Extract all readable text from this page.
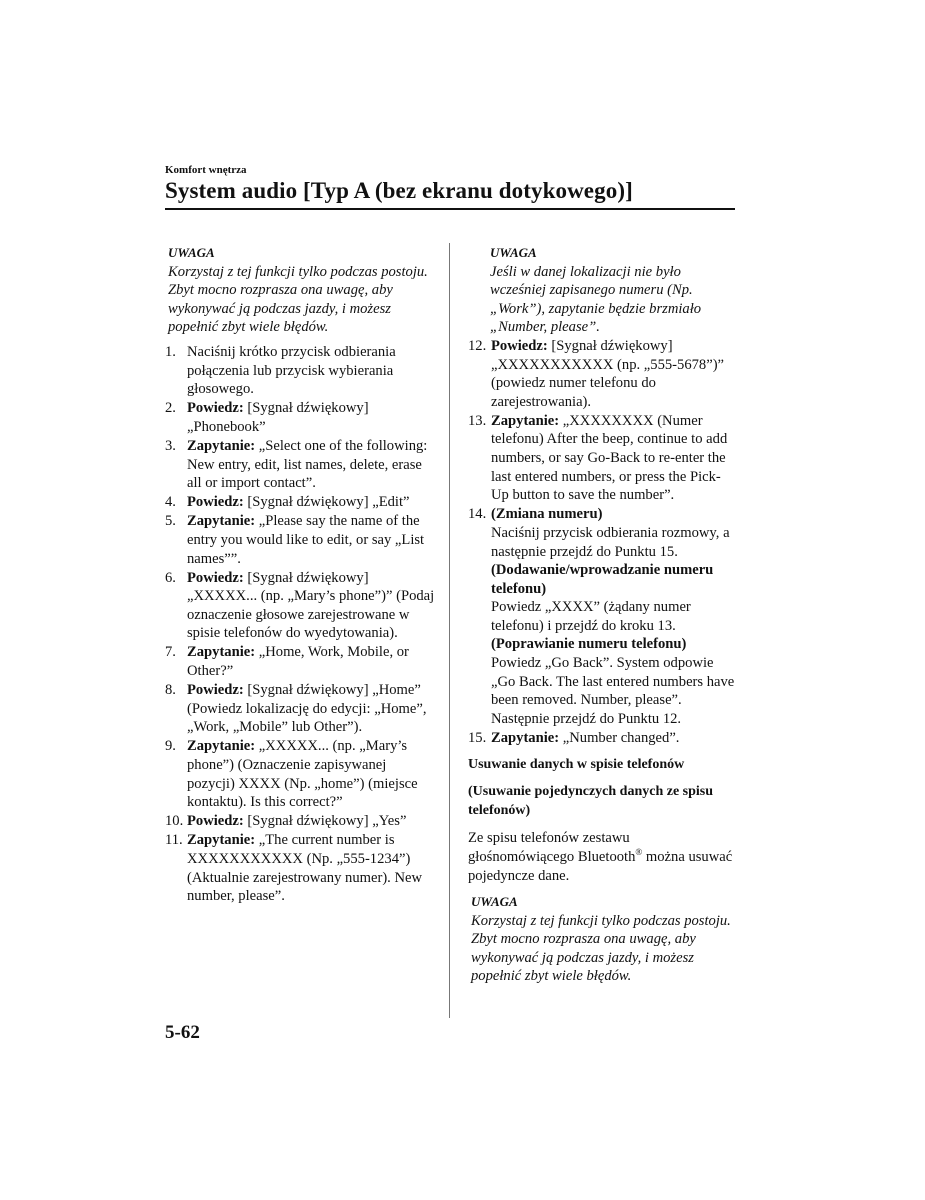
Komfort wnętrza
System audio [Typ A (bez ekranu dotykowego)]
UWAGA
Korzystaj z tej funkcji tylko podczas postoju. Zbyt mocno rozprasza ona uwagę, aby wykonywać ją podczas jazdy, i możesz popełnić zbyt wiele błędów.
1. Naciśnij krótko przycisk odbierania połączenia lub przycisk wybierania głosowego.
2. Powiedz: [Sygnał dźwiękowy] „Phonebook”
3. Zapytanie: „Select one of the following: New entry, edit, list names, delete, erase all or import contact”.
4. Powiedz: [Sygnał dźwiękowy] „Edit”
5. Zapytanie: „Please say the name of the entry you would like to edit, or say „List names””.
6. Powiedz: [Sygnał dźwiękowy] „XXXXX... (np. „Mary’s phone”)” (Podaj oznaczenie głosowe zarejestrowane w spisie telefonów do wyedytowania).
7. Zapytanie: „Home, Work, Mobile, or Other?”
8. Powiedz: [Sygnał dźwiękowy] „Home” (Powiedz lokalizację do edycji: „Home”, „Work, „Mobile” lub Other”).
9. Zapytanie: „XXXXX... (np. „Mary’s phone”) (Oznaczenie zapisywanej pozycji) XXXX (Np. „home”) (miejsce kontaktu). Is this correct?”
10. Powiedz: [Sygnał dźwiękowy] „Yes”
11. Zapytanie: „The current number is XXXXXXXXXXX (Np. „555-1234”) (Aktualnie zarejestrowany numer). New number, please”.
UWAGA
Jeśli w danej lokalizacji nie było wcześniej zapisanego numeru (Np. „Work”), zapytanie będzie brzmiało „Number, please”.
12. Powiedz: [Sygnał dźwiękowy] „XXXXXXXXXXX (np. „555-5678”)” (powiedz numer telefonu do zarejestrowania).
13. Zapytanie: „XXXXXXXX (Numer telefonu) After the beep, continue to add numbers, or say Go-Back to re-enter the last entered numbers, or press the Pick-Up button to save the number”.
14. (Zmiana numeru)
Naciśnij przycisk odbierania rozmowy, a następnie przejdź do Punktu 15.
(Dodawanie/wprowadzanie numeru telefonu)
Powiedz „XXXX” (żądany numer telefonu) i przejdź do kroku 13.
(Poprawianie numeru telefonu)
Powiedz „Go Back”. System odpowie „Go Back. The last entered numbers have been removed. Number, please”. Następnie przejdź do Punktu 12.
15. Zapytanie: „Number changed”.

Usuwanie danych w spisie telefonów

(Usuwanie pojedynczych danych ze spisu telefonów)

Ze spisu telefonów zestawu głośnomówiącego Bluetooth® można usuwać pojedyncze dane.

UWAGA
Korzystaj z tej funkcji tylko podczas postoju. Zbyt mocno rozprasza ona uwagę, aby wykonywać ją podczas jazdy, i możesz popełnić zbyt wiele błędów.
5-62
